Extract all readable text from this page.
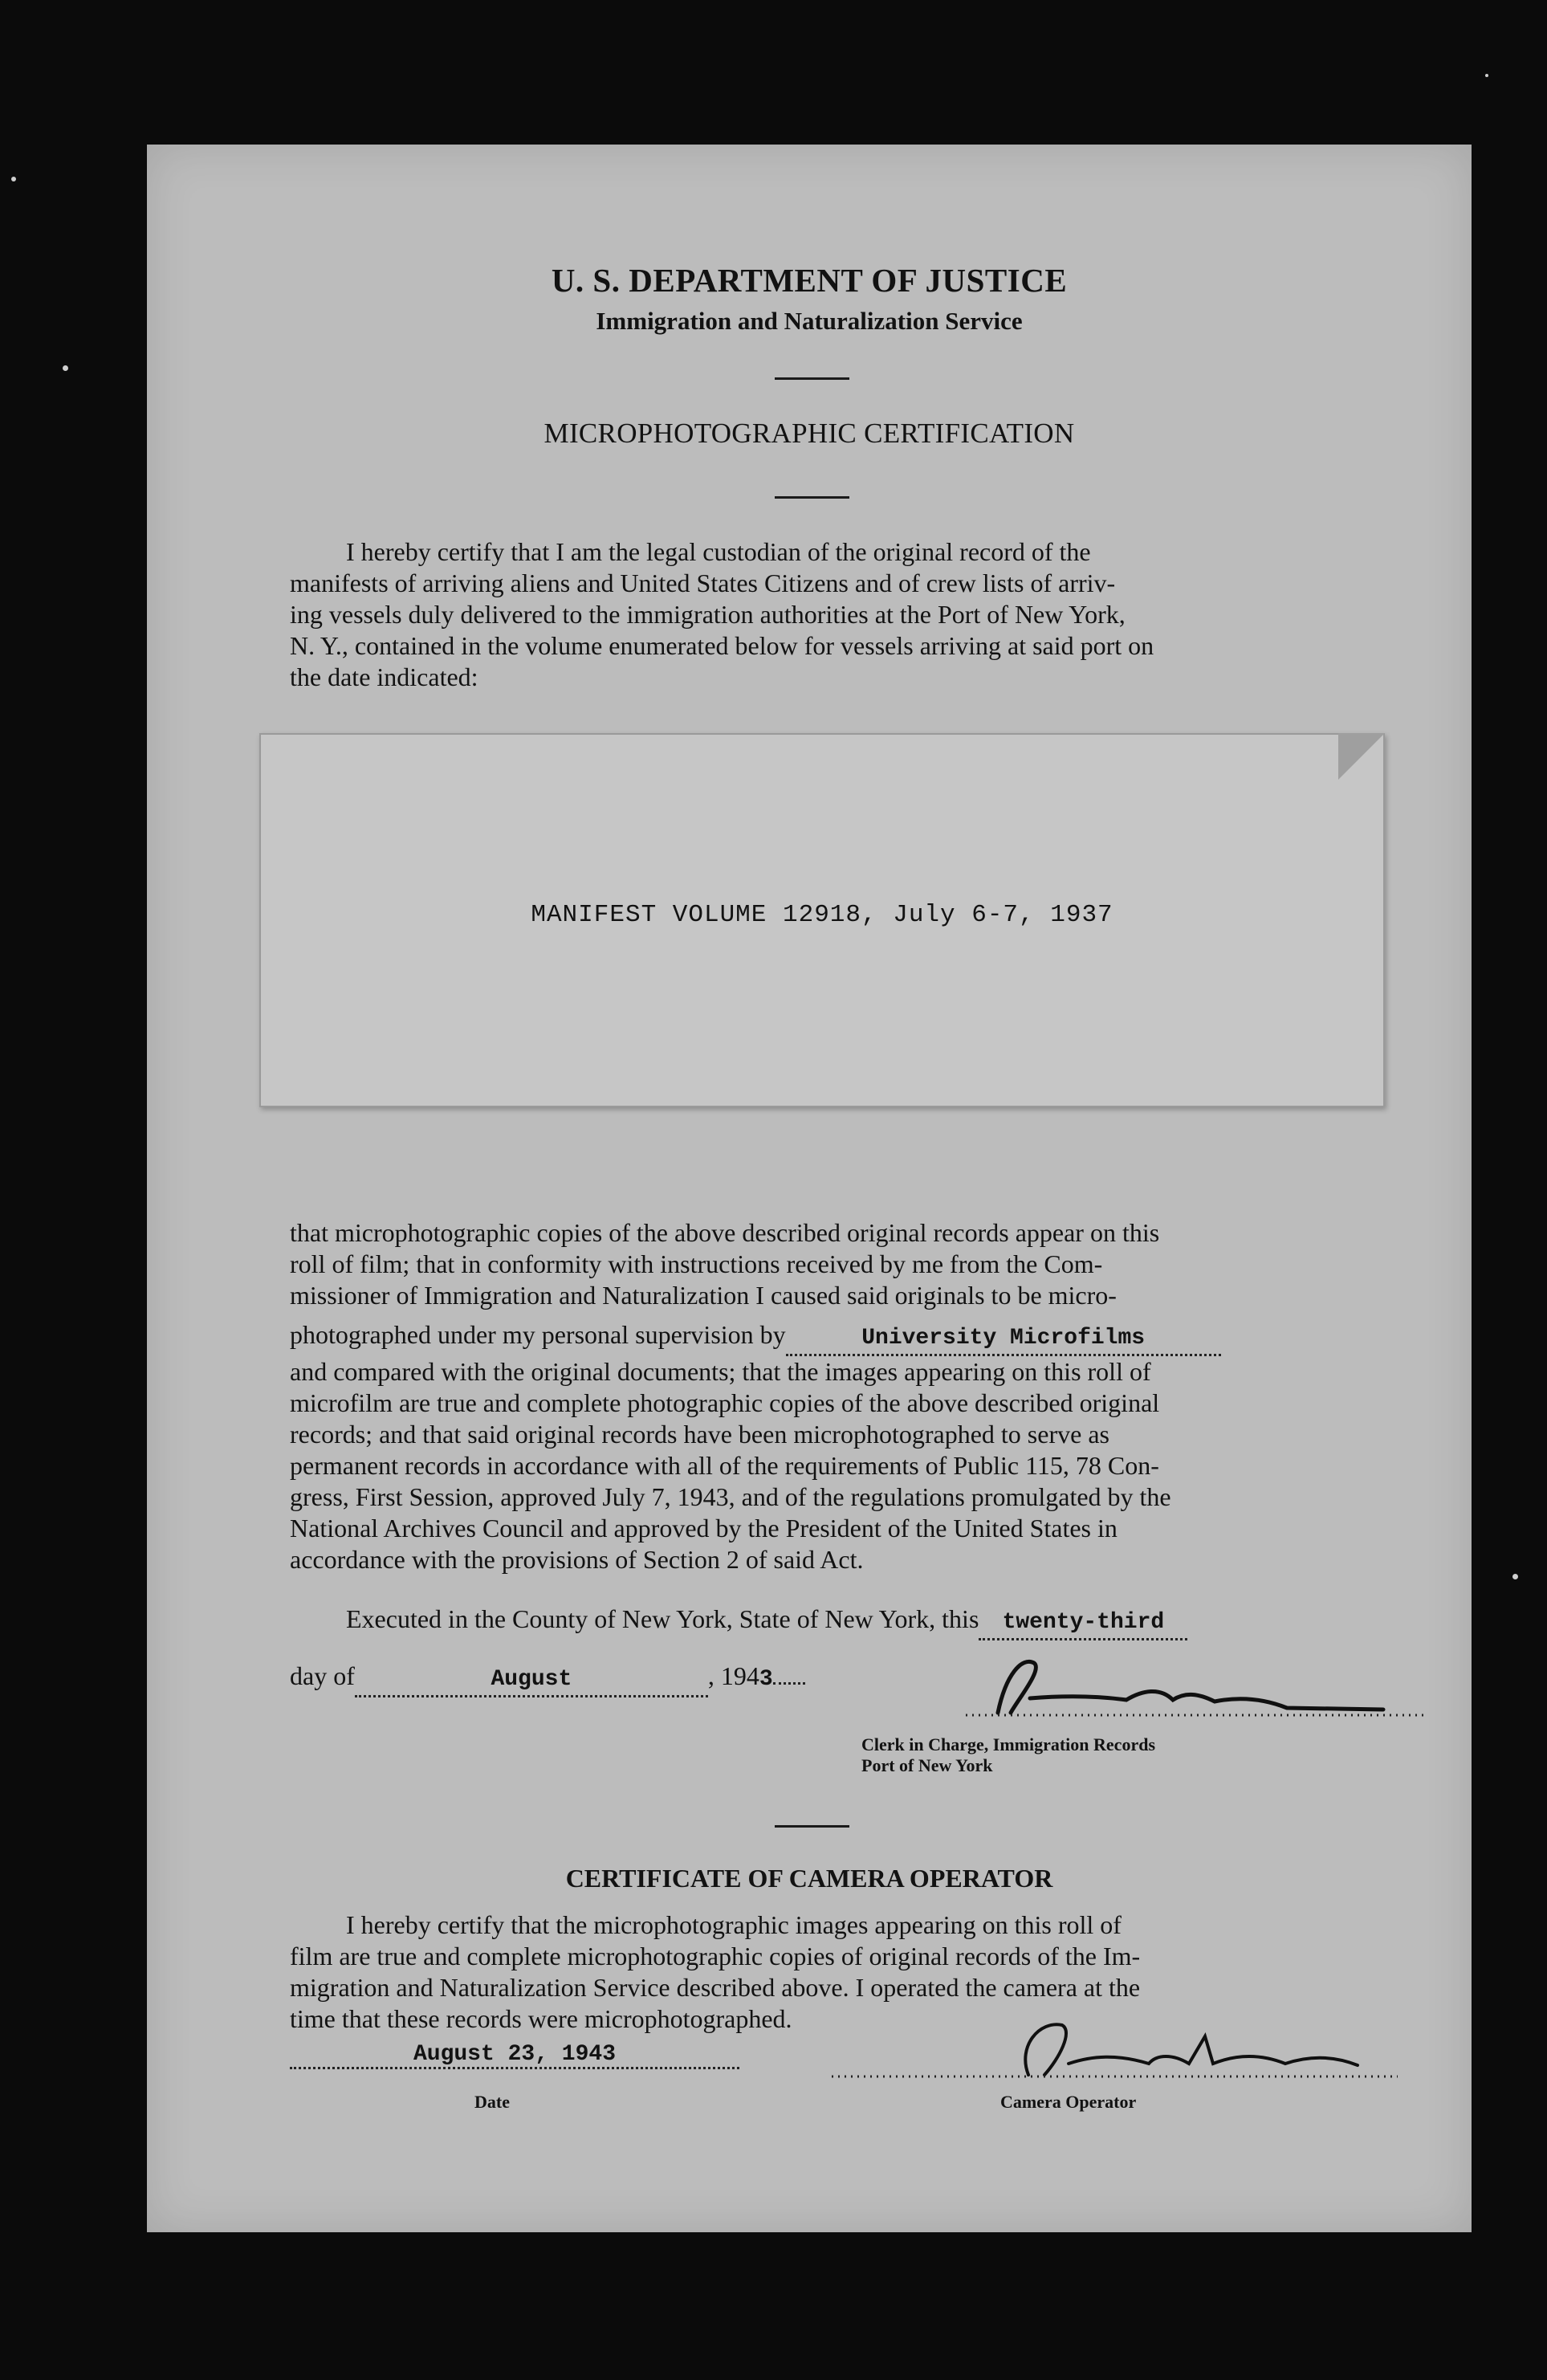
U. S. DEPARTMENT OF JUSTICE
Immigration and Naturalization Service
MICROPHOTOGRAPHIC CERTIFICATION

I hereby certify that I am the legal custodian of the original record of the

manifests of arriving aliens and United States Citizens and of crew lists of arriv-

ing vessels duly delivered to the immigration authorities at the Port of New York,

N. Y., contained in the volume enumerated below for vessels arriving at said port on

the date indicated:

MANIFEST VOLUME 12918, July 6-7, 1937

that microphotographic copies of the above described original records appear on this

roll of film; that in conformity with instructions received by me from the Com-

missioner of Immigration and Naturalization I caused said originals to be micro-

photographed under my personal supervision by	University Microfilms

and compared with the original documents; that the images appearing on this roll of

microfilm are true and complete photographic copies of the above described original

records; and that said original records have been microphotographed to serve as

permanent records in accordance with all of the requirements of Public 115, 78 Con-

gress, First Session, approved July 7, 1943, and of the regulations promulgated by the

National Archives Council and approved by the President of the United States in

accordance with the provisions of Section 2 of said Act.

Executed in the County of New York, State of New York, this twenty-third
day of	August	, 1943
Clerk in Charge, Immigration Records
Port of New York
CERTIFICATE OF CAMERA OPERATOR

I hereby certify that the microphotographic images appearing on this roll of

film are true and complete microphotographic copies of original records of the Im-

migration and Naturalization Service described above. I operated the camera at the

time that these records were microphotographed.

August 23, 1943
Date	Camera Operator
